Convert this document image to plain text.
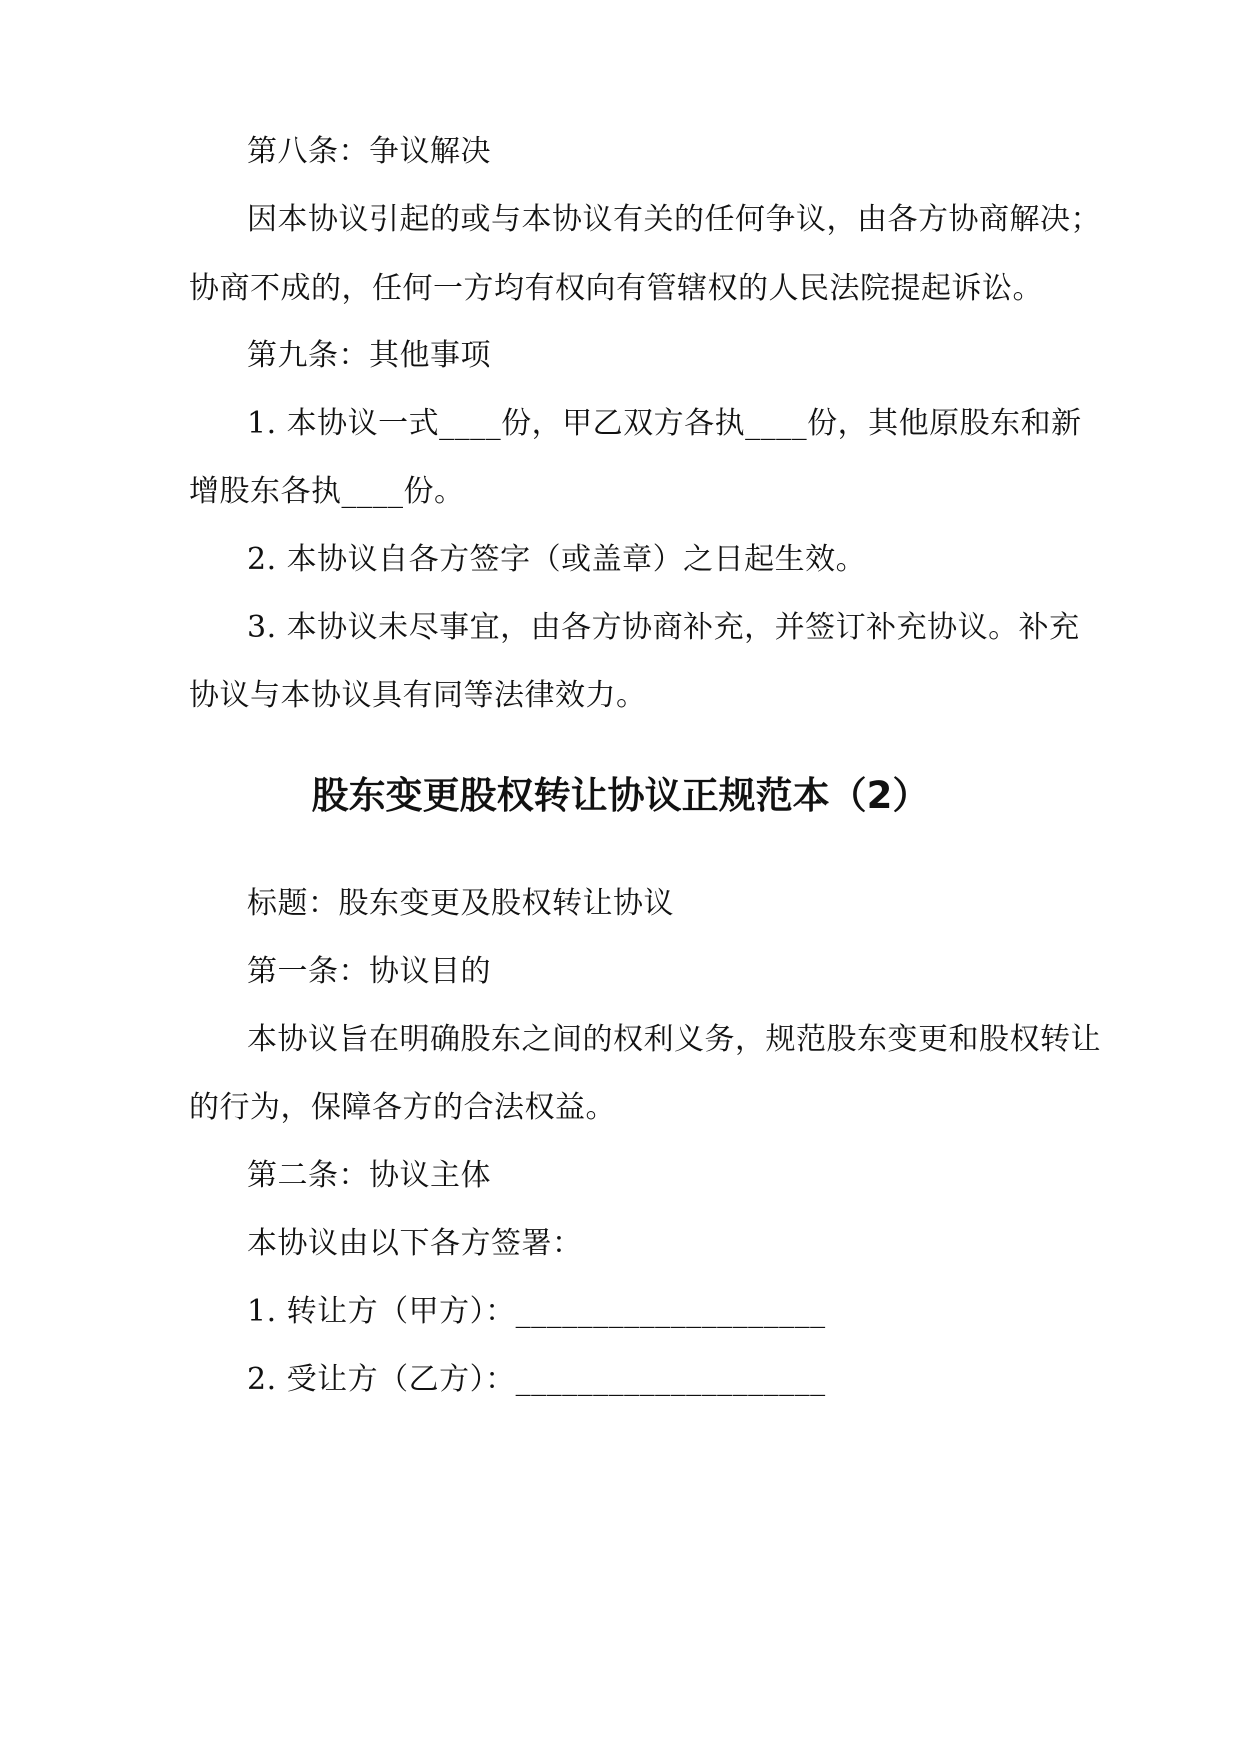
第八条：争议解决
因本协议引起的或与本协议有关的任何争议，由各方协商解决；
协商不成的，任何一方均有权向有管辖权的人民法院提起诉讼。
第九条：其他事项
1. 本协议一式____份，甲乙双方各执____份，其他原股东和新
增股东各执____份。
2. 本协议自各方签字（或盖章）之日起生效。
3. 本协议未尽事宜，由各方协商补充，并签订补充协议。补充
协议与本协议具有同等法律效力。
股东变更股权转让协议正规范本（2）
标题：股东变更及股权转让协议
第一条：协议目的
本协议旨在明确股东之间的权利义务，规范股东变更和股权转让
的行为，保障各方的合法权益。
第二条：协议主体
本协议由以下各方签署：
1. 转让方（甲方）：____________________
2. 受让方（乙方）：____________________
